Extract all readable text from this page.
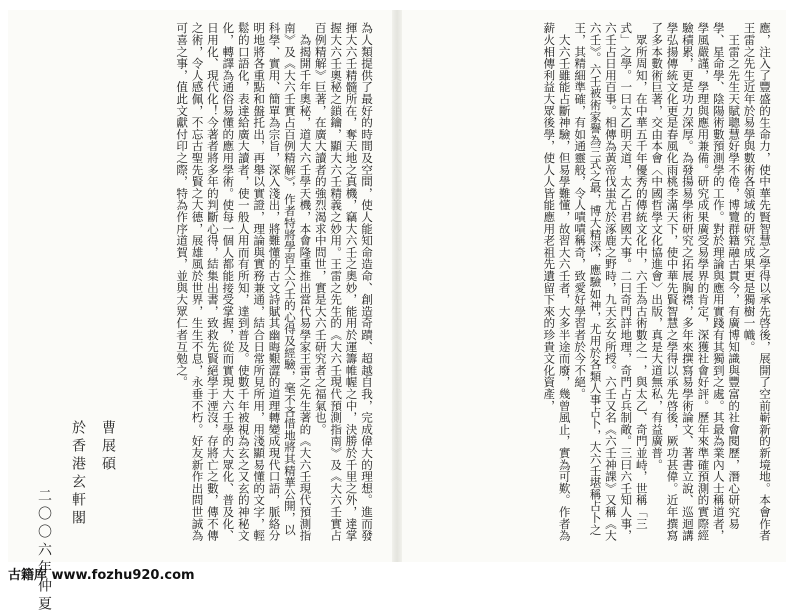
為人類提供了最好的時間及空間，使人能知命造命、創造奇蹟、超越自我，完成偉大的理想。進而發揮大六壬精髓所在，奪天地之真機，竊大六壬之奧妙，能用於運籌帷幄之中，決勝於千里之外，達掌握大六壬奧秘之鎖鑰，顯大六壬精義之妙用。王雷之先生的《大六壬現代預測指南》及《大六壬實占百例精解》巨著，在廣大讀者的強烈渴求中問世，實是大六壬研究者之福氣也。
　為揭開千年奧秘，道大六壬學天機，本會隆重推出當代易學家王雷之先生著的《大六壬現代預測指南》及《大六壬實占百例精解》，作者特將學習大六壬的心得及經驗，毫不吝惜地將其精華公開，以科學、實用、簡單為宗旨，深入淺出，將難懂的古文詩賦其幽晦艱澀的道理轉變成現代口語，脈絡分明地將各重點和盤托出，再舉以實證，理論與實務兼通，結合日常所見所用，用淺顯易懂的文字，輕鬆的口語化，表達給廣大讀者，使一般人用而有所知，達到普及。使數千年被視為玄之又玄的神秘文化，轉譯為通俗易懂的應用學術。使每一個人都能接受掌握，從而實現大六壬學的大眾化、普及化、日用化、現代化！今著者將多年的判斷心得，結集出書，致救先賢絕學于湮沒，存將亡之數，傳不傳之術，令人感佩，不忘古聖先賢之大德，展雄風於世界，生生不息，永垂不朽。好友新作出問世誠為可喜之事，值此文獻付印之際，特為作序道賀，並與大眾仁者互勉之。
曹展碩
於香港玄軒閣
二〇〇六年仲夏
應，注入了豐盛的生命力，使中華先賢智慧之學得以承先啓後，展開了空前嶄新的新境地。本會作者王雷之先生近年於易學與數術各領域的研究成果更是獨樹一幟。
　王雷之先生天賦聰慧好學不倦，博覽群籍融古貫今，有廣博知識與豐富的社會閱歷，潛心研究易學、星命學、陰陽術數預測學的工作。對於理論與應用實踐有其獨到之處。其最為業內人士稱道者，學風嚴謹，學理與應用兼備。研究成果廣受易學界的肯定，深獲社會好評。歷年來準確預測的實際經驗積累，更是功力深厚。為發揚易學術研究之拓展胸襟，多年來撰寫易學術論文、著書立說、巡迴講學弘揚傳統文化更是春風化雨桃李滿天下，使中華先賢智慧之學得以承先啓後，厥功甚偉。近年撰寫了多本數術巨著，交由本會〈中國哲學文化協進會〉出版，真是大道無私，有益廣普。
　眾所周知，在中華五千年優秀的傳統文化中，六壬為古術數之一，與太乙、奇門並峙，世稱「三式」之學。一曰太乙明天道，太乙占君國大事。二曰奇門詳地理，奇門占兵制敵。三曰六壬知人事，六壬占日用百事。相傳為黃帝伐蚩尤於涿鹿之野時，九天玄女所授。六壬又名《六壬神課》又稱《大六壬》。六壬被術家譽為三式之最，博大精深，應驗如神，尤用於各類人事占卜，大六壬堪稱占卜之王，其精細準確，有如通靈般，令人嘖嘖稱奇，致愛好學習者於今不絕。
　大六壬雖能占斷神驗，但易學難懂，故習大六壬者，大多半途而廢，幾曾風止，實為可歎。作者為薪火相傳利益大眾後學，使人人皆能應用老祖先遺留下來的珍貴文化資產，
古籍库 www.fozhu920.com
